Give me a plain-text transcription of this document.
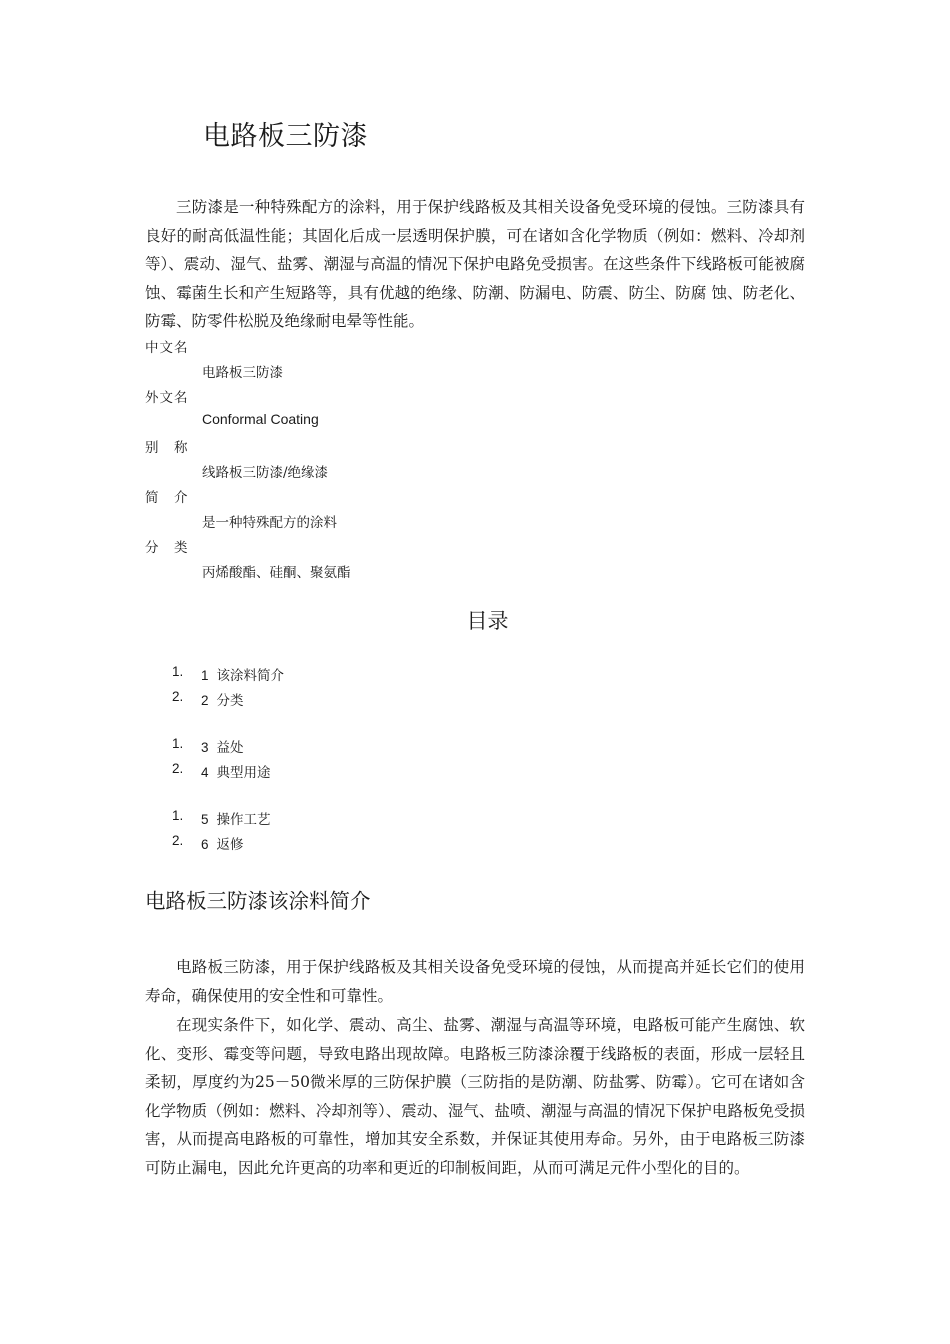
电路板三防漆

三防漆是一种特殊配方的涂料，用于保护线路板及其相关设备免受环境的侵蚀。三防漆具有良好的耐高低温性能；其固化后成一层透明保护膜，可在诸如含化学物质（例如：燃料、冷却剂等）、震动、湿气、盐雾、潮湿与高温的情况下保护电路免受损害。在这些条件下线路板可能被腐 蚀、霉菌生长和产生短路等，具有优越的绝缘、防潮、防漏电、防震、防尘、防腐 蚀、防老化、防霉、防零件松脱及绝缘耐电晕等性能。

中文名
电路板三防漆
外文名
Conformal Coating
别　称
线路板三防漆/绝缘漆
简　介
是一种特殊配方的涂料
分　类
丙烯酸酯、硅酮、聚氨酯
目录
1. 1 该涂料简介
2. 2 分类
1. 3 益处
2. 4 典型用途
1. 5 操作工艺
2. 6 返修
电路板三防漆该涂料简介

电路板三防漆，用于保护线路板及其相关设备免受环境的侵蚀，从而提高并延长它们的使用寿命，确保使用的安全性和可靠性。

在现实条件下，如化学、震动、高尘、盐雾、潮湿与高温等环境，电路板可能产生腐蚀、软化、变形、霉变等问题，导致电路出现故障。电路板三防漆涂覆于线路板的表面，形成一层轻且柔韧，厚度约为25－50微米厚的三防保护膜（三防指的是防潮、防盐雾、防霉）。它可在诸如含化学物质（例如：燃料、冷却剂等）、震动、湿气、盐喷、潮湿与高温的情况下保护电路板免受损害，从而提高电路板的可靠性，增加其安全系数，并保证其使用寿命。另外，由于电路板三防漆可防止漏电，因此允许更高的功率和更近的印制板间距，从而可满足元件小型化的目的。
